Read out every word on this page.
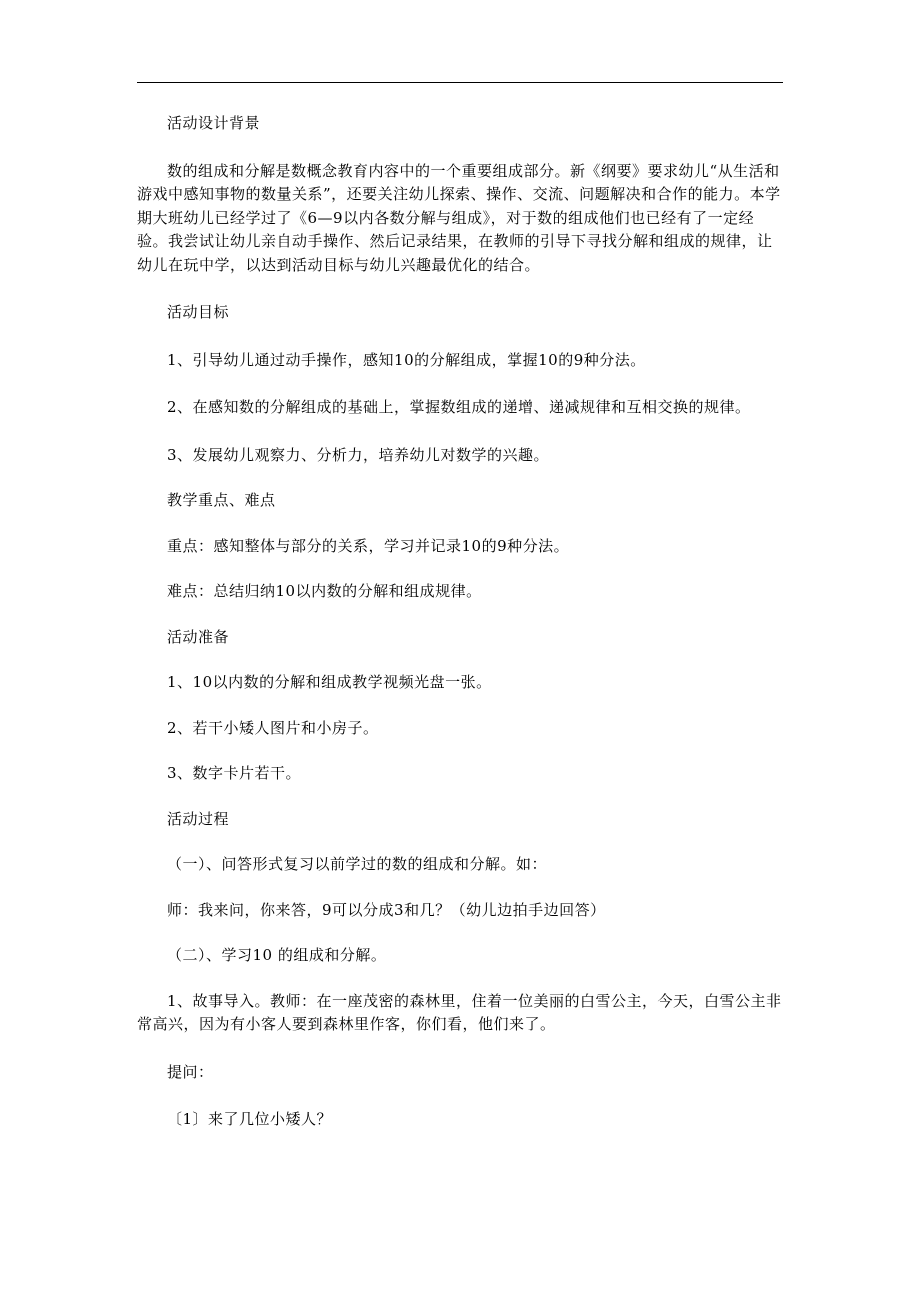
活动设计背景

数的组成和分解是数概念教育内容中的一个重要组成部分。新《纲要》要求幼儿“从生活和游戏中感知事物的数量关系”，还要关注幼儿探索、操作、交流、问题解决和合作的能力。本学期大班幼儿已经学过了《6—9以内各数分解与组成》，对于数的组成他们也已经有了一定经验。我尝试让幼儿亲自动手操作、然后记录结果，在教师的引导下寻找分解和组成的规律，让幼儿在玩中学，以达到活动目标与幼儿兴趣最优化的结合。

活动目标

1、引导幼儿通过动手操作，感知10的分解组成，掌握10的9种分法。

2、在感知数的分解组成的基础上，掌握数组成的递增、递减规律和互相交换的规律。

3、发展幼儿观察力、分析力，培养幼儿对数学的兴趣。

教学重点、难点

重点：感知整体与部分的关系，学习并记录10的9种分法。

难点：总结归纳10以内数的分解和组成规律。

活动准备

1、10以内数的分解和组成教学视频光盘一张。

2、若干小矮人图片和小房子。

3、数字卡片若干。

活动过程

（一）、问答形式复习以前学过的数的组成和分解。如：

师：我来问，你来答，9可以分成3和几？（幼儿边拍手边回答）

（二）、学习10 的组成和分解。

1、故事导入。教师：在一座茂密的森林里，住着一位美丽的白雪公主，今天，白雪公主非常高兴，因为有小客人要到森林里作客，你们看，他们来了。

提问：

〔1〕来了几位小矮人？
